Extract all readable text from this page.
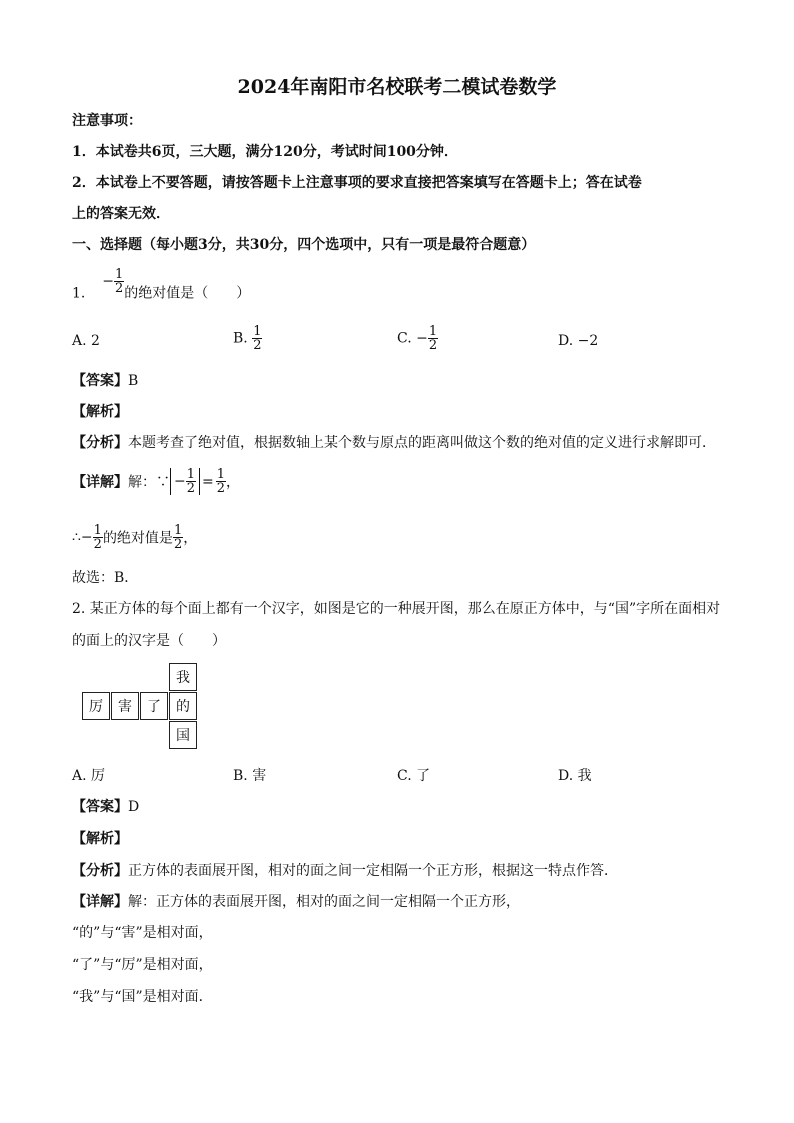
2024年南阳市名校联考二模试卷数学
注意事项：
1．本试卷共6页，三大题，满分120分，考试时间100分钟．
2．本试卷上不要答题，请按答题卡上注意事项的要求直接把答案填写在答题卡上；答在试卷
上的答案无效．
一、选择题（每小题3分，共30分，四个选项中，只有一项是最符合题意）
1.  − $\frac{1}{2}$ 的绝对值是（　　）
A. 2	B. $\frac{1}{2}$	C. − $\frac{1}{2}$	D. −2
【答案】B
【解析】
【分析】本题考查了绝对值，根据数轴上某个数与原点的距离叫做这个数的绝对值的定义进行求解即可．
【详解】解：∵ − $\frac{1}{2} = \frac{1}{2}$ ，
∴− $\frac{1}{2}$ 的绝对值是 $\frac{1}{2}$ ，
故选：B．
2. 某正方体的每个面上都有一个汉字，如图是它的一种展开图，那么在原正方体中，与“国”字所在面相对
的面上的汉字是（　　）
我
厉	害	了	的
国
A. 厉	B. 害	C. 了	D. 我
【答案】D
【解析】
【分析】正方体的表面展开图，相对的面之间一定相隔一个正方形，根据这一特点作答．
【详解】解：正方体的表面展开图，相对的面之间一定相隔一个正方形，
“的”与“害”是相对面，
“了”与“厉”是相对面，
“我”与“国”是相对面．
